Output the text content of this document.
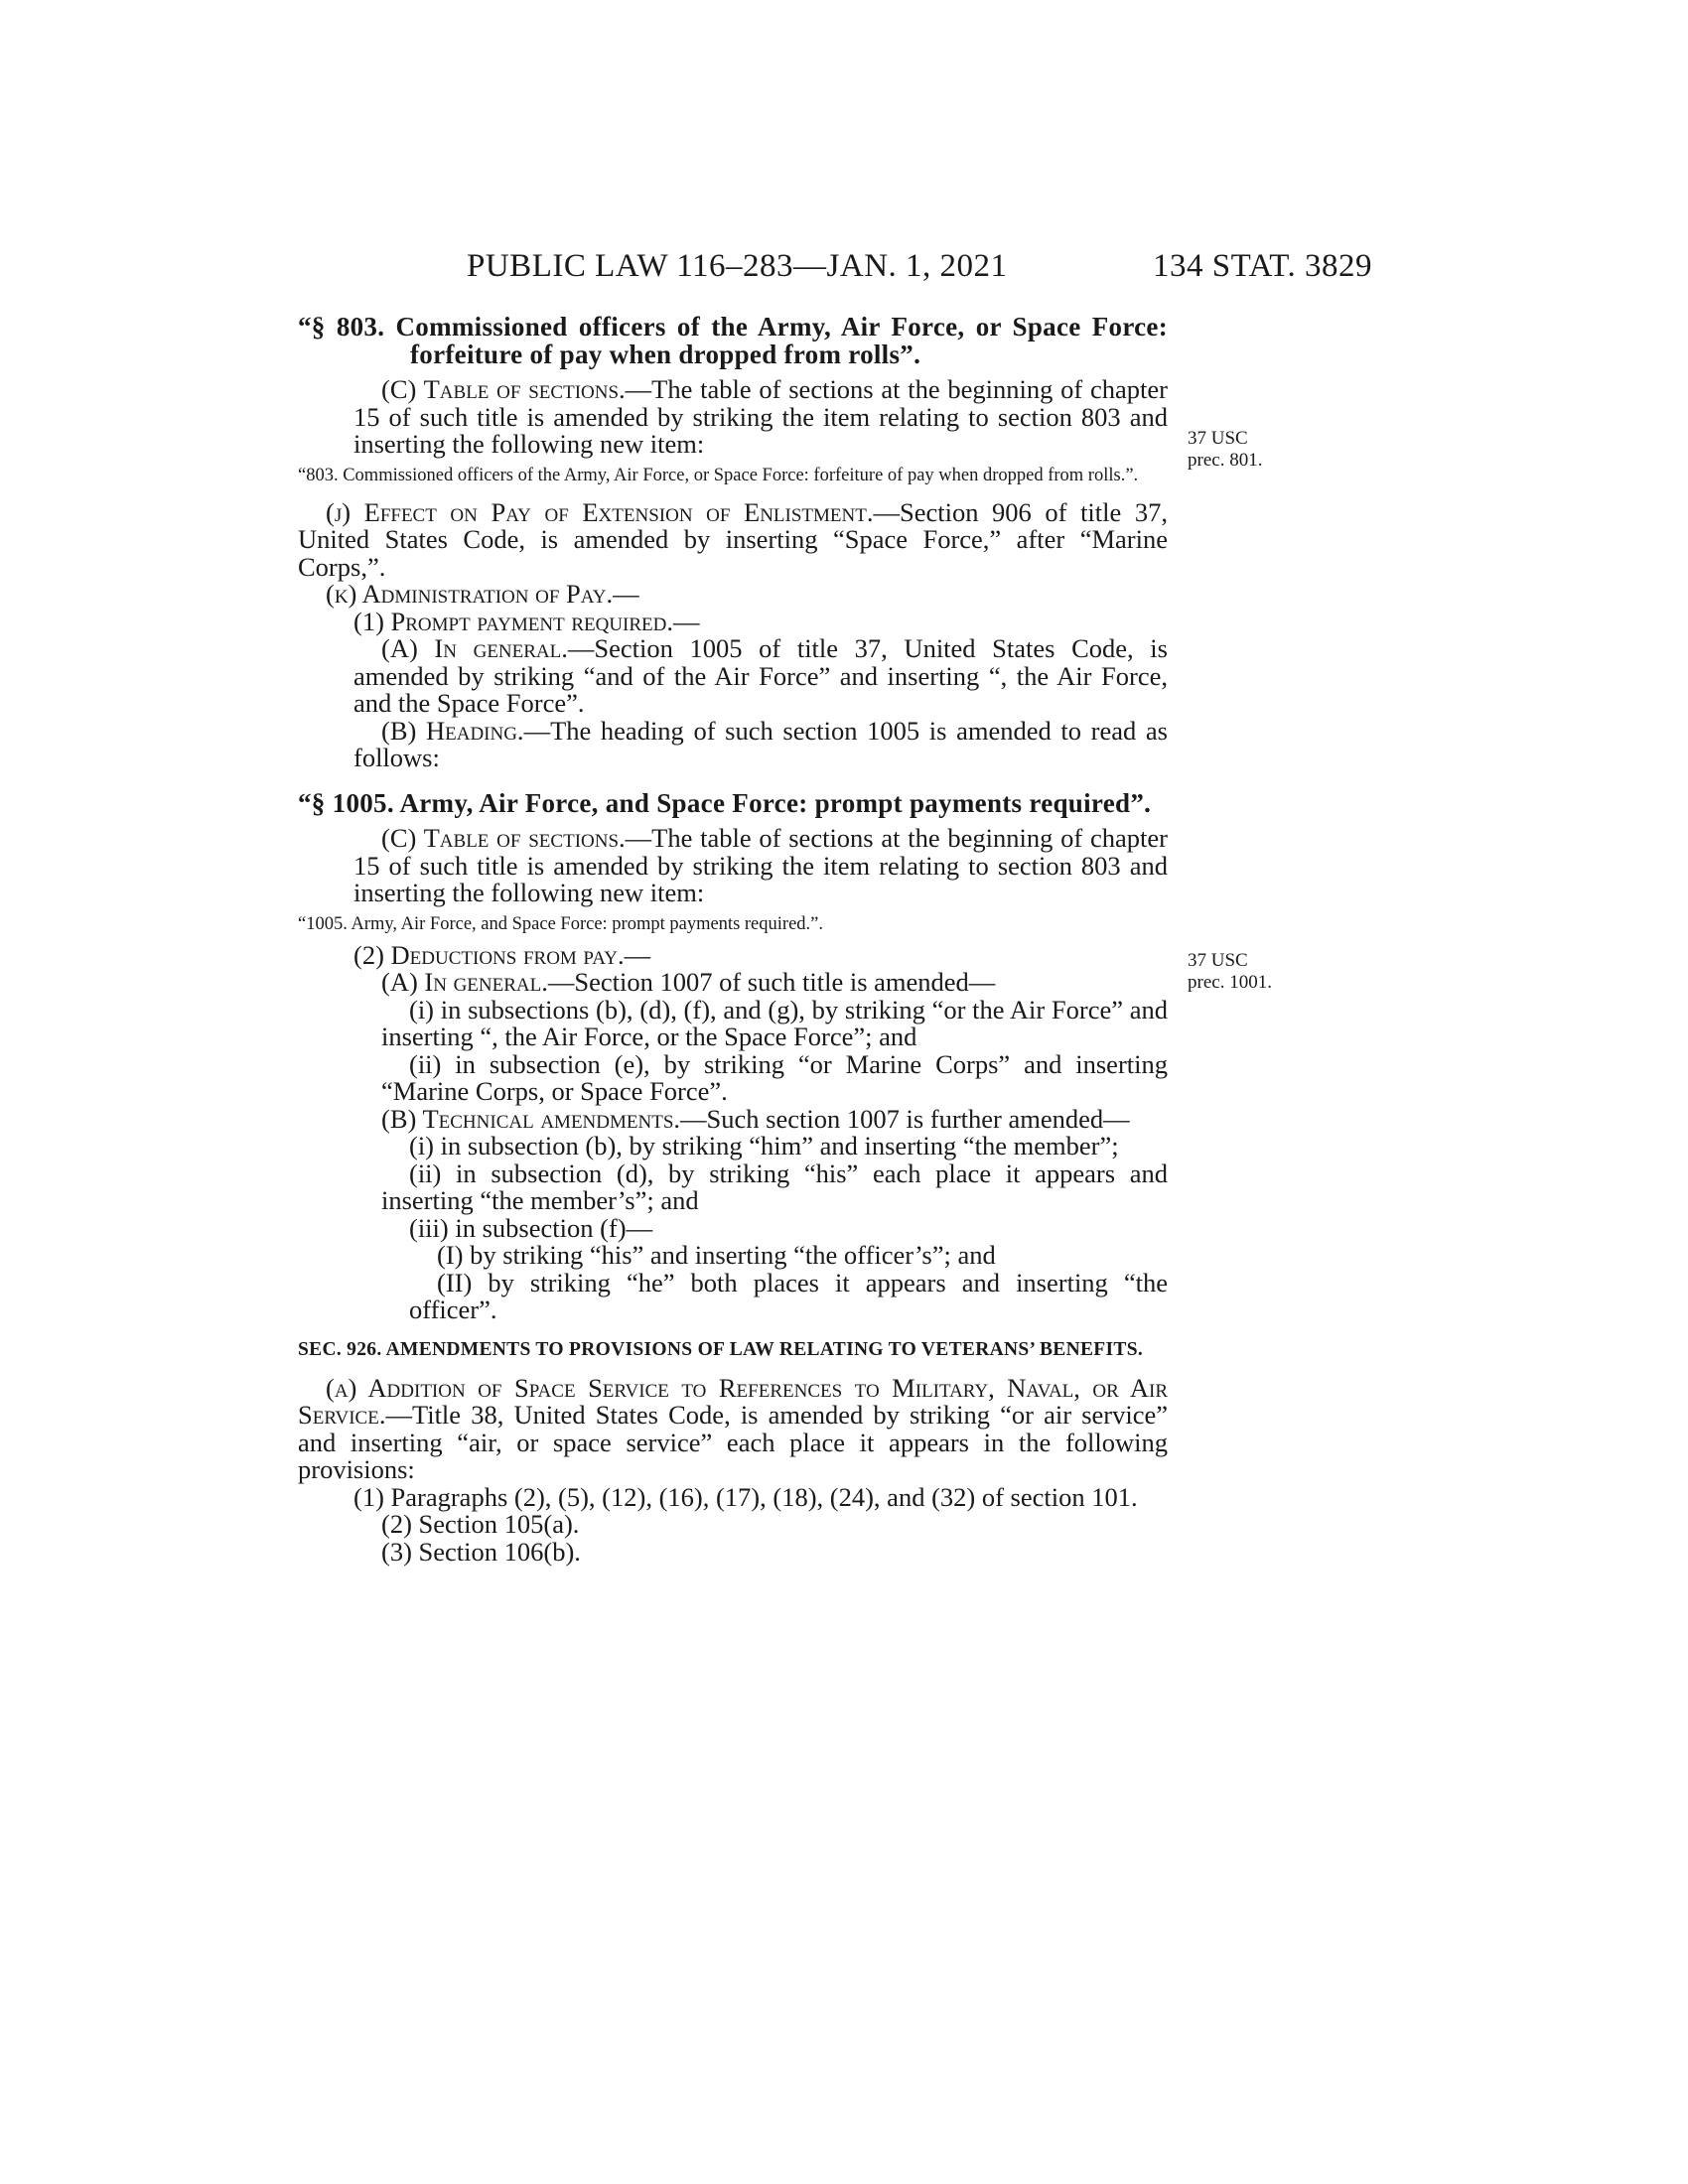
PUBLIC LAW 116–283—JAN. 1, 2021	134 STAT. 3829
37 USC
prec. 801.
37 USC
prec. 1001.

“§ 803. Commissioned officers of the Army, Air Force, or Space Force: forfeiture of pay when dropped from rolls”.

(C) Table of sections.—The table of sections at the beginning of chapter 15 of such title is amended by striking the item relating to section 803 and inserting the following new item:

“803. Commissioned officers of the Army, Air Force, or Space Force: forfeiture of pay when dropped from rolls.”.

(j) Effect on Pay of Extension of Enlistment.—Section 906 of title 37, United States Code, is amended by inserting “Space Force,” after “Marine Corps,”.

(k) Administration of Pay.—

(1) Prompt payment required.—

(A) In general.—Section 1005 of title 37, United States Code, is amended by striking “and of the Air Force” and inserting “, the Air Force, and the Space Force”.

(B) Heading.—The heading of such section 1005 is amended to read as follows:

“§ 1005. Army, Air Force, and Space Force: prompt payments required”.

(C) Table of sections.—The table of sections at the beginning of chapter 15 of such title is amended by striking the item relating to section 803 and inserting the following new item:

“1005. Army, Air Force, and Space Force: prompt payments required.”.

(2) Deductions from pay.—

(A) In general.—Section 1007 of such title is amended—

(i) in subsections (b), (d), (f), and (g), by striking “or the Air Force” and inserting “, the Air Force, or the Space Force”; and

(ii) in subsection (e), by striking “or Marine Corps” and inserting “Marine Corps, or Space Force”.

(B) Technical amendments.—Such section 1007 is further amended—

(i) in subsection (b), by striking “him” and inserting “the member”;

(ii) in subsection (d), by striking “his” each place it appears and inserting “the member’s”; and

(iii) in subsection (f)—

(I) by striking “his” and inserting “the officer’s”; and

(II) by striking “he” both places it appears and inserting “the officer”.

SEC. 926. AMENDMENTS TO PROVISIONS OF LAW RELATING TO VETERANS’ BENEFITS.

(a) Addition of Space Service to References to Military, Naval, or Air Service.—Title 38, United States Code, is amended by striking “or air service” and inserting “air, or space service” each place it appears in the following provisions:

(1) Paragraphs (2), (5), (12), (16), (17), (18), (24), and (32) of section 101.

(2) Section 105(a).

(3) Section 106(b).
